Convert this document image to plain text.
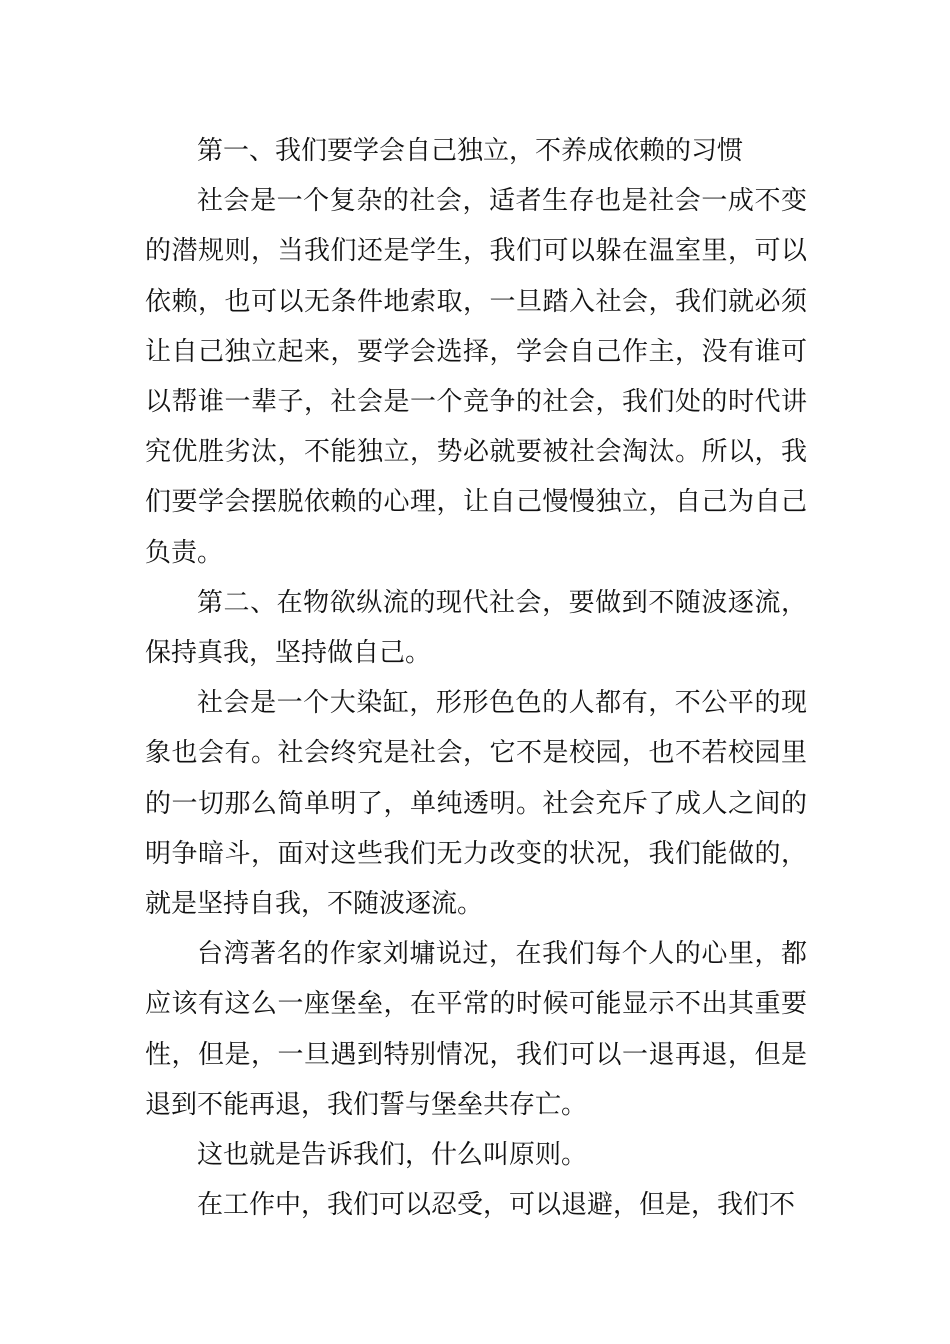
第一、我们要学会自己独立，不养成依赖的习惯

社会是一个复杂的社会，适者生存也是社会一成不变的潜规则，当我们还是学生，我们可以躲在温室里，可以依赖，也可以无条件地索取，一旦踏入社会，我们就必须让自己独立起来，要学会选择，学会自己作主，没有谁可以帮谁一辈子，社会是一个竞争的社会，我们处的时代讲究优胜劣汰，不能独立，势必就要被社会淘汰。所以，我们要学会摆脱依赖的心理，让自己慢慢独立，自己为自己负责。

第二、在物欲纵流的现代社会，要做到不随波逐流，保持真我，坚持做自己。

社会是一个大染缸，形形色色的人都有，不公平的现象也会有。社会终究是社会，它不是校园，也不若校园里的一切那么简单明了，单纯透明。社会充斥了成人之间的明争暗斗，面对这些我们无力改变的状况，我们能做的，就是坚持自我，不随波逐流。

台湾著名的作家刘墉说过，在我们每个人的心里，都应该有这么一座堡垒，在平常的时候可能显示不出其重要性，但是，一旦遇到特别情况，我们可以一退再退，但是退到不能再退，我们誓与堡垒共存亡。

这也就是告诉我们，什么叫原则。

在工作中，我们可以忍受，可以退避，但是，我们不
